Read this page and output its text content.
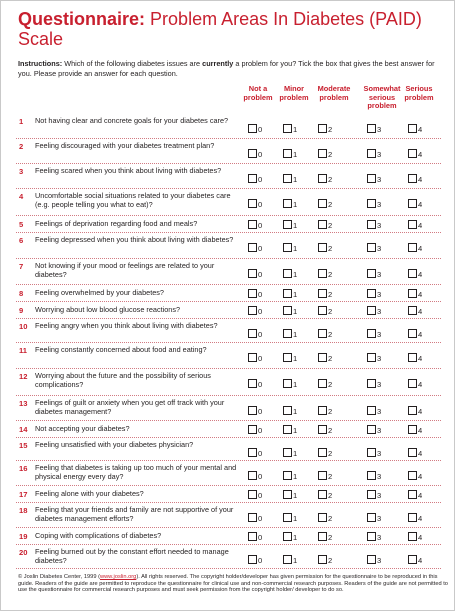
Questionnaire: Problem Areas In Diabetes (PAID) Scale
Instructions: Which of the following diabetes issues are currently a problem for you? Tick the box that gives the best answer for you. Please provide an answer for each question.
Not a problem
Minor problem
Moderate problem
Somewhat serious problem
Serious problem
1 Not having clear and concrete goals for your diabetes care?
0	1	2	3	4
2 Feeling discouraged with your diabetes treatment plan?
0	1	2	3	4
3 Feeling scared when you think about living with diabetes?
0	1	2	3	4
4 Uncomfortable social situations related to your diabetes care (e.g. people telling you what to eat)?	0	1	2	3	4
5 Feelings of deprivation regarding food and meals?	0	1	2	3	4
6 Feeling depressed when you think about living with diabetes?
0	1	2	3	4
7 Not knowing if your mood or feelings are related to your diabetes?	0	1	2	3	4
8 Feeling overwhelmed by your diabetes?	0	1	2	3	4
9 Worrying about low blood glucose reactions?	0	1	2	3	4
10 Feeling angry when you think about living with diabetes?
0	1	2	3	4
11 Feeling constantly concerned about food and eating?
0	1	2	3	4
12 Worrying about the future and the possibility of serious complications?	0	1	2	3	4
13 Feelings of guilt or anxiety when you get off track with your diabetes management?	0	1	2	3	4
14 Not accepting your diabetes?	0	1	2	3	4
15 Feeling unsatisfied with your diabetes physician?
0	1	2	3	4
16 Feeling that diabetes is taking up too much of your mental and physical energy every day?	0	1	2	3	4
17 Feeling alone with your diabetes?	0	1	2	3	4
18 Feeling that your friends and family are not supportive of your diabetes management efforts?	0	1	2	3	4
19 Coping with complications of diabetes?	0	1	2	3	4
20 Feeling burned out by the constant effort needed to manage diabetes?	0	1	2	3	4
© Joslin Diabetes Center, 1999 (www.joslin.org). All rights reserved. The copyright holder/developer has given permission for the questionnaire to be reproduced in this guide. Readers of the guide are permitted to reproduce the questionnaire for clinical use and non-commercial research purposes. Readers of the guide are not permitted to use the questionnaire for commercial research purposes and must seek permission from the copyright holder/ developer to do so.
